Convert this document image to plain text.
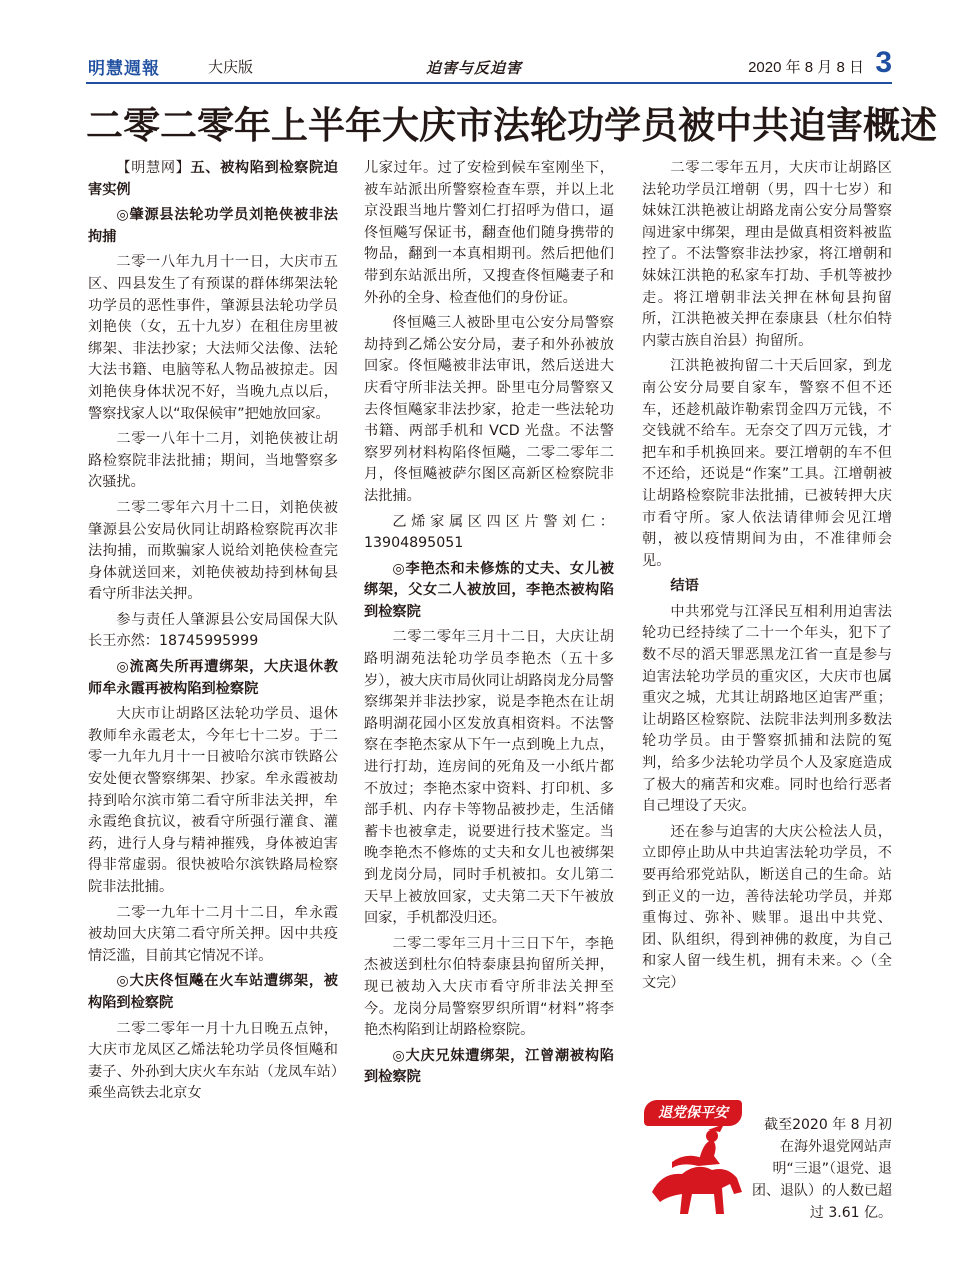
明慧週報	大庆版	迫害与反迫害	2020 年 8 月 8 日 3
二零二零年上半年大庆市法轮功学员被中共迫害概述

【明慧网】五、被构陷到检察院迫害实例

◎肇源县法轮功学员刘艳侠被非法拘捕

二零一八年九月十一日，大庆市五区、四县发生了有预谋的群体绑架法轮功学员的恶性事件，肇源县法轮功学员刘艳侠（女，五十九岁）在租住房里被绑架、非法抄家；大法师父法像、法轮大法书籍、电脑等私人物品被掠走。因刘艳侠身体状况不好，当晚九点以后，警察找家人以“取保候审”把她放回家。

二零一八年十二月，刘艳侠被让胡路检察院非法批捕；期间，当地警察多次骚扰。

二零二零年六月十二日，刘艳侠被肇源县公安局伙同让胡路检察院再次非法拘捕，而欺骗家人说给刘艳侠检查完身体就送回来，刘艳侠被劫持到林甸县看守所非法关押。

参与责任人肇源县公安局国保大队长王亦然：18745995999

◎流离失所再遭绑架，大庆退休教师牟永霞再被构陷到检察院

大庆市让胡路区法轮功学员、退休教师牟永霞老太，今年七十二岁。于二零一九年九月十一日被哈尔滨市铁路公安处便衣警察绑架、抄家。牟永霞被劫持到哈尔滨市第二看守所非法关押，牟永霞绝食抗议，被看守所强行灌食、灌药，进行人身与精神摧残，身体被迫害得非常虚弱。很快被哈尔滨铁路局检察院非法批捕。

二零一九年十二月十二日，牟永霞被劫回大庆第二看守所关押。因中共疫情泛滥，目前其它情况不详。

◎大庆佟恒飚在火车站遭绑架，被构陷到检察院

二零二零年一月十九日晚五点钟，大庆市龙凤区乙烯法轮功学员佟恒飚和妻子、外孙到大庆火车东站（龙凤车站）乘坐高铁去北京女

儿家过年。过了安检到候车室刚坐下，被车站派出所警察检查车票，并以上北京没跟当地片警刘仁打招呼为借口，逼佟恒飚写保证书，翻查他们随身携带的物品，翻到一本真相期刊。然后把他们带到东站派出所，又搜查佟恒飚妻子和外孙的全身、检查他们的身份证。

佟恒飚三人被卧里屯公安分局警察劫持到乙烯公安分局，妻子和外孙被放回家。佟恒飚被非法审讯，然后送进大庆看守所非法关押。卧里屯分局警察又去佟恒飚家非法抄家，抢走一些法轮功书籍、两部手机和 VCD 光盘。不法警察罗列材料构陷佟恒飚，二零二零年二月，佟恒飚被萨尔图区高新区检察院非法批捕。

乙烯家属区四区片警刘仁：13904895051

◎李艳杰和未修炼的丈夫、女儿被绑架，父女二人被放回，李艳杰被构陷到检察院

二零二零年三月十二日，大庆让胡路明湖苑法轮功学员李艳杰（五十多岁），被大庆市局伙同让胡路岗龙分局警察绑架并非法抄家，说是李艳杰在让胡路明湖花园小区发放真相资料。不法警察在李艳杰家从下午一点到晚上九点，进行打劫，连房间的死角及一小纸片都不放过；李艳杰家中资料、打印机、多部手机、内存卡等物品被抄走，生活储蓄卡也被拿走，说要进行技术鉴定。当晚李艳杰不修炼的丈夫和女儿也被绑架到龙岗分局，同时手机被扣。女儿第二天早上被放回家，丈夫第二天下午被放回家，手机都没归还。

二零二零年三月十三日下午，李艳杰被送到杜尔伯特泰康县拘留所关押，现已被劫入大庆市看守所非法关押至今。龙岗分局警察罗织所谓“材料”将李艳杰构陷到让胡路检察院。

◎大庆兄妹遭绑架，江曾潮被构陷到检察院

二零二零年五月，大庆市让胡路区法轮功学员江增朝（男，四十七岁）和妹妹江洪艳被让胡路龙南公安分局警察闯进家中绑架，理由是做真相资料被监控了。不法警察非法抄家，将江增朝和妹妹江洪艳的私家车打劫、手机等被抄走。将江增朝非法关押在林甸县拘留所，江洪艳被关押在泰康县（杜尔伯特内蒙古族自治县）拘留所。

江洪艳被拘留二十天后回家，到龙南公安分局要自家车，警察不但不还车，还趁机敲诈勒索罚金四万元钱，不交钱就不给车。无奈交了四万元钱，才把车和手机换回来。要江增朝的车不但不还给，还说是“作案”工具。江增朝被让胡路检察院非法批捕，已被转押大庆市看守所。家人依法请律师会见江增朝，被以疫情期间为由，不准律师会见。

结语

中共邪党与江泽民互相利用迫害法轮功已经持续了二十一个年头，犯下了数不尽的滔天罪恶黑龙江省一直是参与迫害法轮功学员的重灾区，大庆市也属重灾之城，尤其让胡路地区迫害严重；让胡路区检察院、法院非法判刑多数法轮功学员。由于警察抓捕和法院的冤判，给多少法轮功学员个人及家庭造成了极大的痛苦和灾难。同时也给行恶者自己埋设了天灾。

还在参与迫害的大庆公检法人员，立即停止助从中共迫害法轮功学员，不要再给邪党站队，断送自己的生命。站到正义的一边，善待法轮功学员，并郑重悔过、弥补、赎罪。退出中共党、团、队组织，得到神佛的救度，为自己和家人留一线生机，拥有未来。◇（全文完）

退党保平安
截至2020 年 8 月初在海外退党网站声明“三退”（退党、退团、退队）的人数已超过 3.61 亿。
